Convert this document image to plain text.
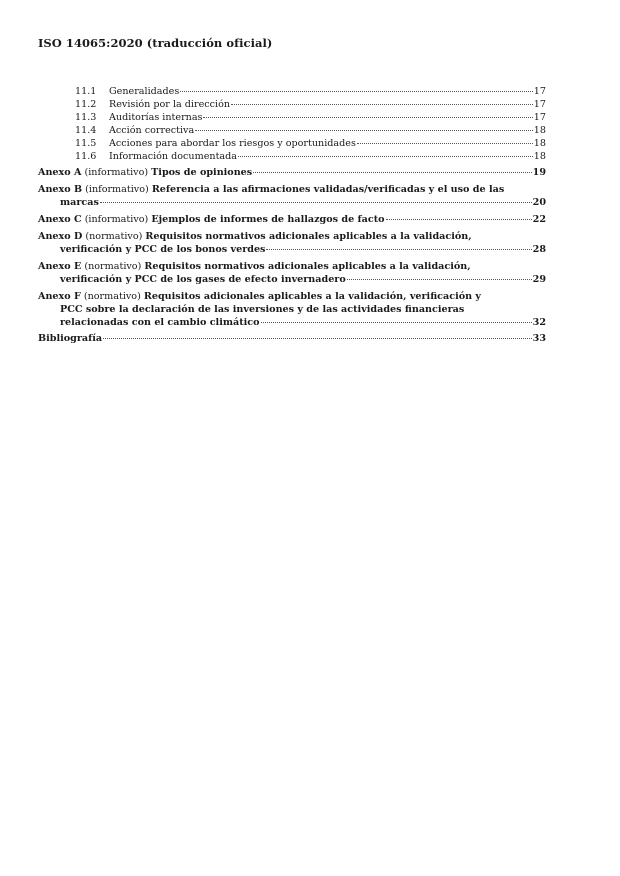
ISO 14065:2020 (traducción oficial)
11.1	Generalidades	17
11.2	Revisión por la dirección	17
11.3	Auditorías internas	17
11.4	Acción correctiva	18
11.5	Acciones para abordar los riesgos y oportunidades	18
11.6	Información documentada	18
Anexo A (informativo) Tipos de opiniones	19
Anexo B (informativo) Referencia a las afirmaciones validadas/verificadas y el uso de las
marcas	20
Anexo C (informativo) Ejemplos de informes de hallazgos de facto	22
Anexo D (normativo) Requisitos normativos adicionales aplicables a la validación,
verificación y PCC de los bonos verdes	28
Anexo E (normativo) Requisitos normativos adicionales aplicables a la validación,
verificación y PCC de los gases de efecto invernadero	29
Anexo F (normativo) Requisitos adicionales aplicables a la validación, verificación y
PCC sobre la declaración de las inversiones y de las actividades financieras
relacionadas con el cambio climático	32
Bibliografía	33
